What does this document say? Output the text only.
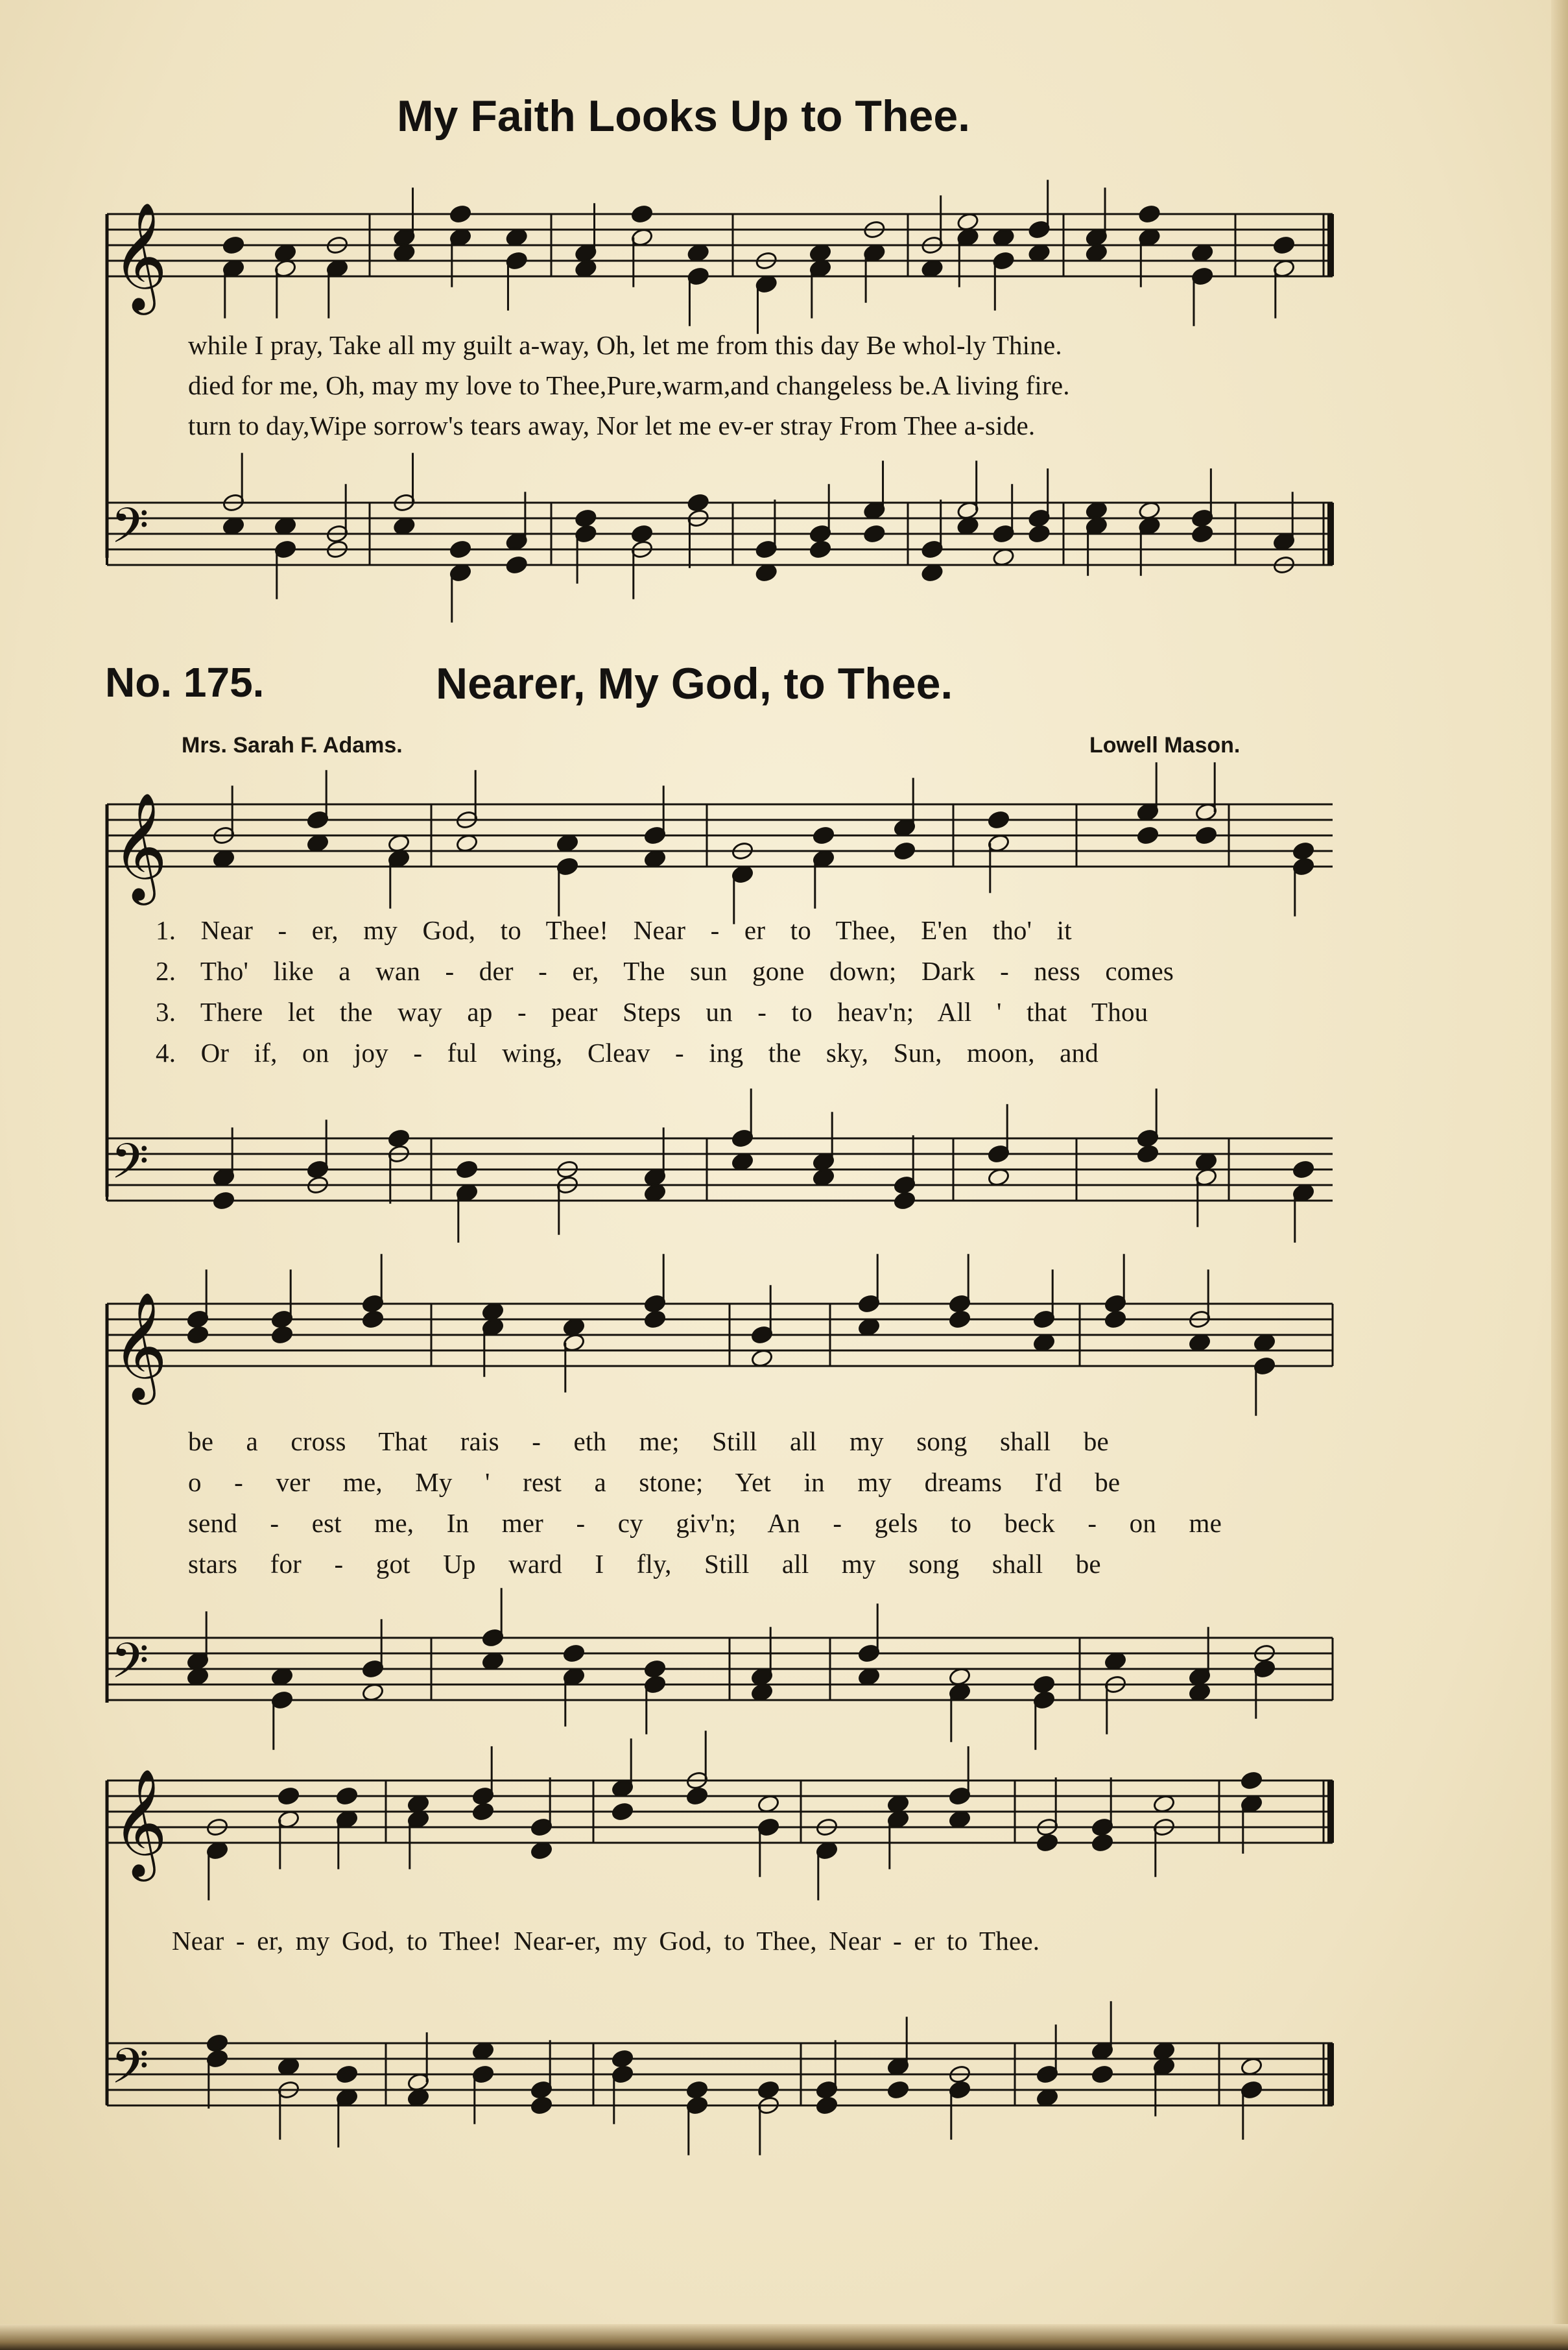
My Faith Looks Up to Thee.
while I pray, Take all my guilt a-way, Oh, let me from this day Be whol-ly Thine.
died for me, Oh, may my love to Thee,Pure,warm,and changeless be.A living fire.
turn to day,Wipe sorrow's tears away, Nor let me ev-er stray From Thee a-side.
No. 175.	Nearer, My God, to Thee.
Mrs. Sarah F. Adams.	Lowell Mason.
1. Near - er, my God, to Thee! Near - er to Thee, E'en tho' it
2. Tho' like a wan - der - er, The sun gone down; Dark - ness comes
3. There let the way ap - pear Steps un - to heav'n; All ' that Thou
4. Or if, on joy - ful wing, Cleav - ing the sky, Sun, moon, and
be a cross That rais - eth me; Still all my song shall be
o - ver me, My ' rest a stone; Yet in my dreams I'd be
send - est me, In mer - cy giv'n; An - gels to beck - on me
stars for - got Up ward I fly, Still all my song shall be
Near - er, my God, to Thee! Near-er, my God, to Thee, Near - er to Thee.
𝄞
𝄢
𝄞
𝄢
𝄞
𝄢
𝄞
𝄢
